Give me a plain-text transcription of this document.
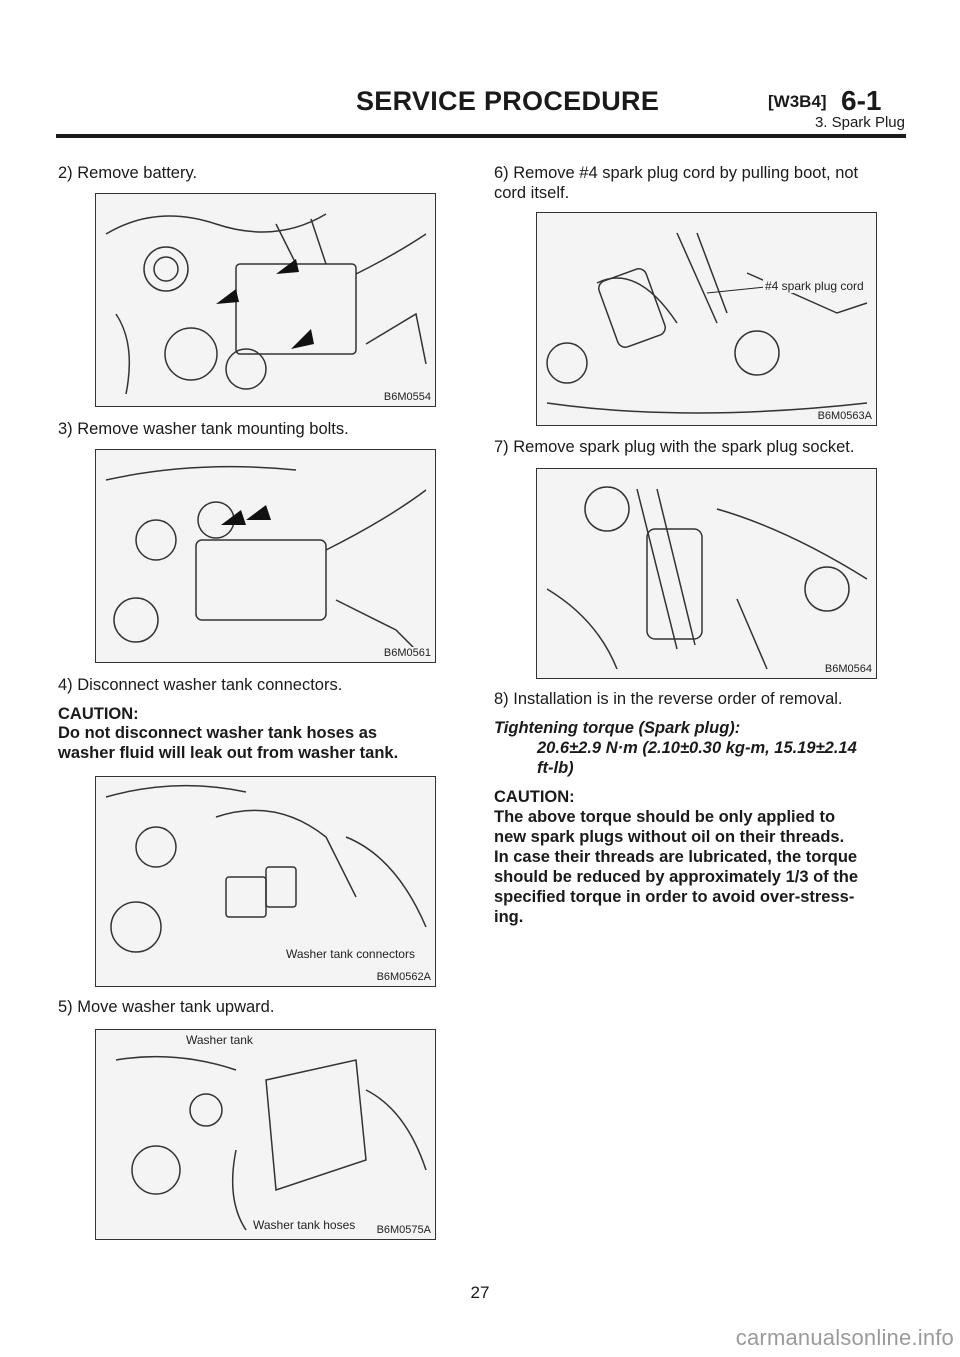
SERVICE PROCEDURE	[W3B4] 6-1
3. Spark Plug
2) Remove battery.
B6M0554
3) Remove washer tank mounting bolts.
B6M0561
4) Disconnect washer tank connectors.
CAUTION:
Do not disconnect washer tank hoses as
washer fluid will leak out from washer tank.
Washer tank connectors
B6M0562A
5) Move washer tank upward.
Washer tank
Washer tank hoses B6M0575A
6) Remove #4 spark plug cord by pulling boot, not
cord itself.
#4 spark plug cord
B6M0563A
7) Remove spark plug with the spark plug socket.
B6M0564
8) Installation is in the reverse order of removal.
Tightening torque (Spark plug):
20.6±2.9 N·m (2.10±0.30 kg-m, 15.19±2.14
ft-lb)
CAUTION:
The above torque should be only applied to
new spark plugs without oil on their threads.
In case their threads are lubricated, the torque
should be reduced by approximately 1/3 of the
specified torque in order to avoid over-stress-
ing.
27
carmanualsonline.info
